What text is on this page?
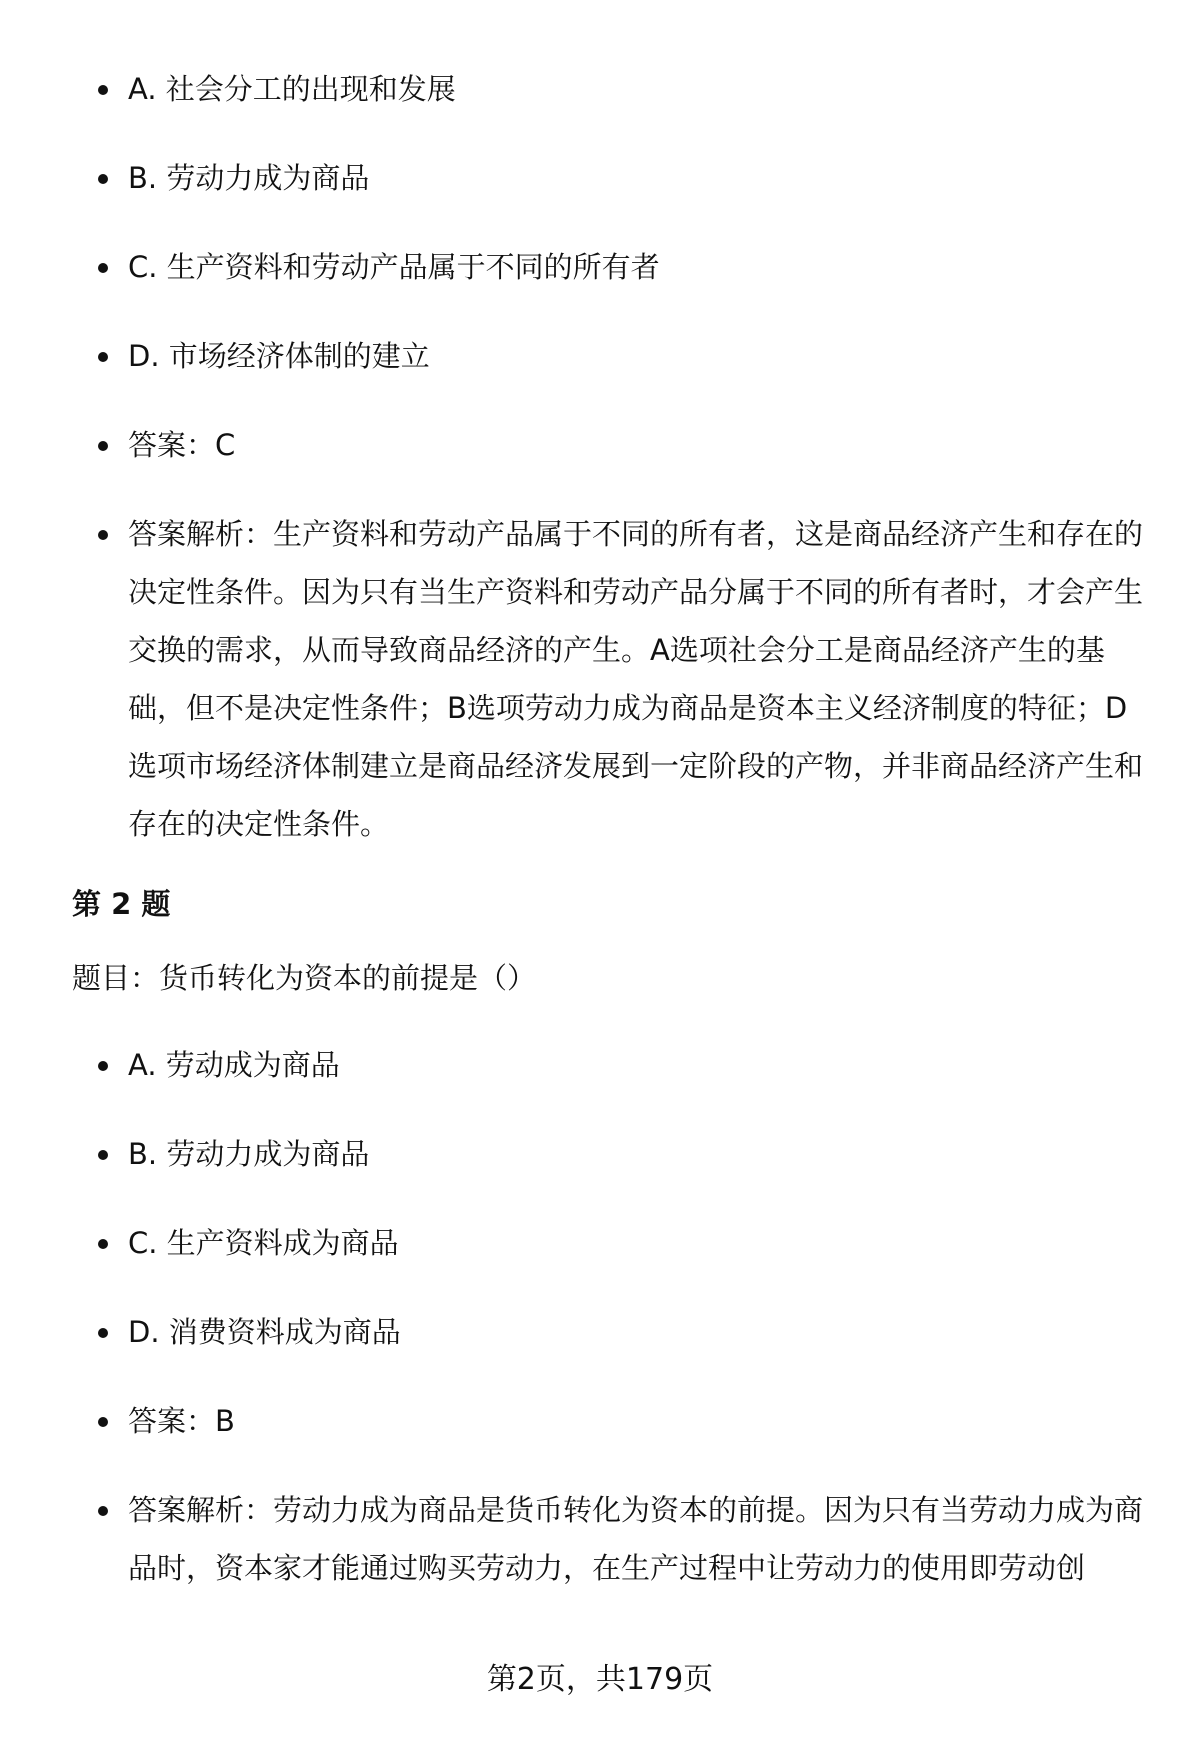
A. 社会分工的出现和发展
B. 劳动力成为商品
C. 生产资料和劳动产品属于不同的所有者
D. 市场经济体制的建立
答案：C
答案解析：生产资料和劳动产品属于不同的所有者，这是商品经济产生和存在的决定性条件。因为只有当生产资料和劳动产品分属于不同的所有者时，才会产生交换的需求，从而导致商品经济的产生。A选项社会分工是商品经济产生的基础，但不是决定性条件；B选项劳动力成为商品是资本主义经济制度的特征；D选项市场经济体制建立是商品经济发展到一定阶段的产物，并非商品经济产生和存在的决定性条件。
第 2 题
题目：货币转化为资本的前提是（）
A. 劳动成为商品
B. 劳动力成为商品
C. 生产资料成为商品
D. 消费资料成为商品
答案：B
答案解析：劳动力成为商品是货币转化为资本的前提。因为只有当劳动力成为商品时，资本家才能通过购买劳动力，在生产过程中让劳动力的使用即劳动创
第2页，共179页
